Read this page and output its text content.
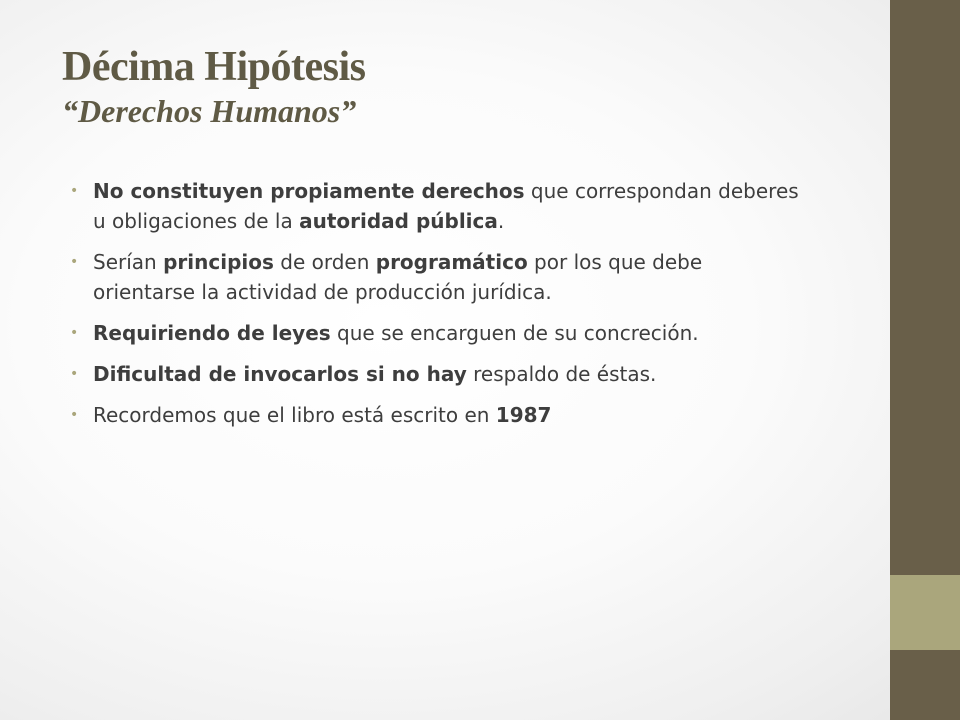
Décima Hipótesis
“Derechos Humanos”
• No constituyen propiamente derechos que correspondan deberes u obligaciones de la autoridad pública.
• Serían principios de orden programático por los que debe orientarse la actividad de producción jurídica.
• Requiriendo de leyes que se encarguen de su concreción.
• Dificultad de invocarlos si no hay respaldo de éstas.
• Recordemos que el libro está escrito en 1987
